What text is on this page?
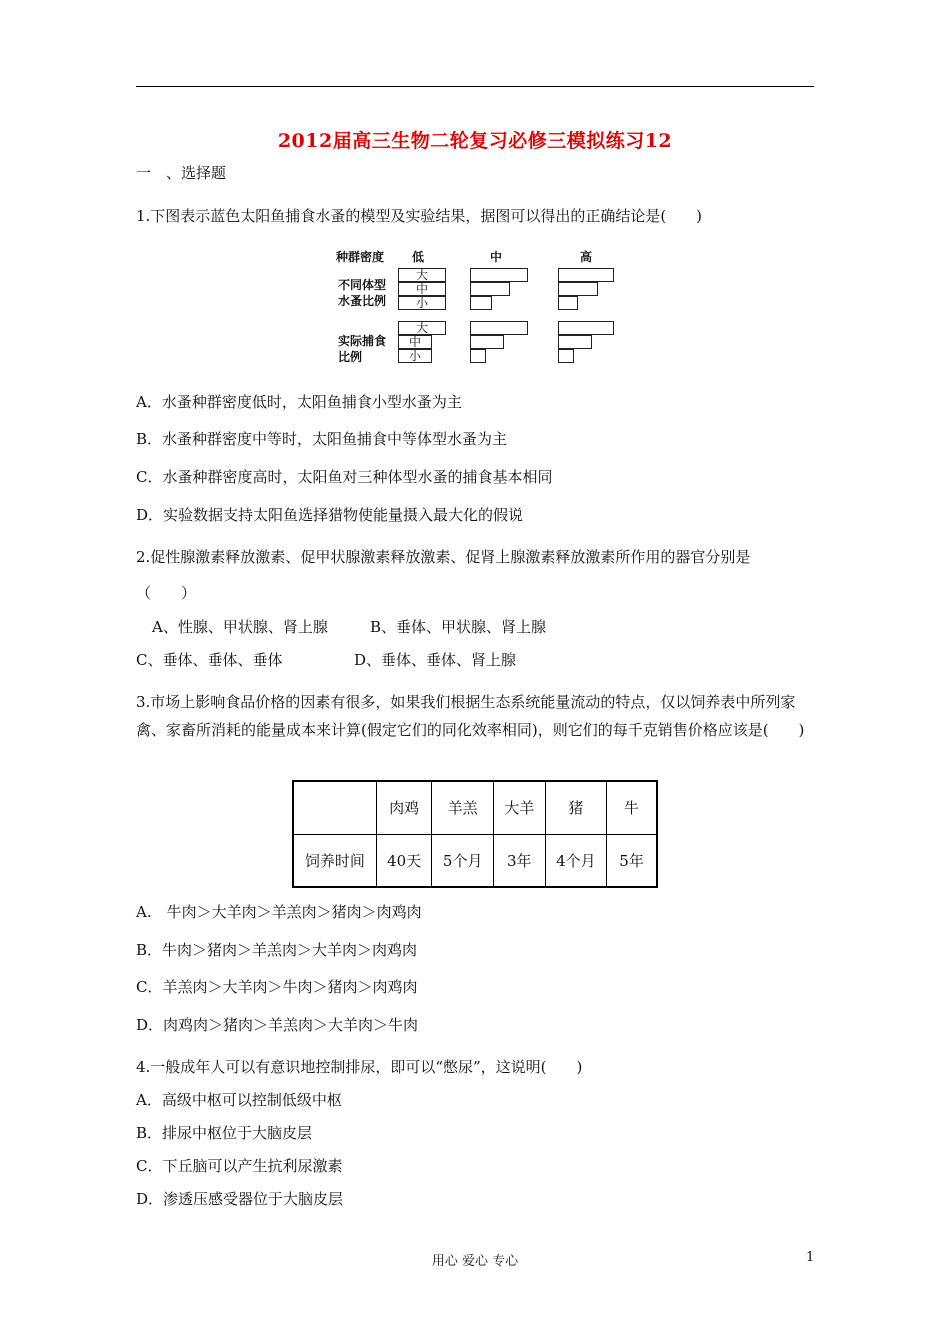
2012届高三生物二轮复习必修三模拟练习12
一　、选择题
1.下图表示蓝色太阳鱼捕食水蚤的模型及实验结果，据图可以得出的正确结论是(　　)
种群密度 低	中	高
不同体型
水蚤比例
实际捕食
比例
大
中
小
大
中
小
A．水蚤种群密度低时，太阳鱼捕食小型水蚤为主
B．水蚤种群密度中等时，太阳鱼捕食中等体型水蚤为主
C．水蚤种群密度高时，太阳鱼对三种体型水蚤的捕食基本相同
D．实验数据支持太阳鱼选择猎物使能量摄入最大化的假说
2.促性腺激素释放激素、促甲状腺激素释放激素、促肾上腺激素释放激素所作用的器官分别是
（　　）
A、性腺、甲状腺、肾上腺	B、垂体、甲状腺、肾上腺
C、垂体、垂体、垂体	D、垂体、垂体、肾上腺
3.市场上影响食品价格的因素有很多，如果我们根据生态系统能量流动的特点，仅以饲养表中所列家禽、家畜所消耗的能量成本来计算(假定它们的同化效率相同)，则它们的每千克销售价格应该是(　　)
	肉鸡	羊羔	大羊	猪	牛
饲养时间	40天	5个月	3年	4个月	5年
A.　牛肉＞大羊肉＞羊羔肉＞猪肉＞肉鸡肉
B．牛肉＞猪肉＞羊羔肉＞大羊肉＞肉鸡肉
C．羊羔肉＞大羊肉＞牛肉＞猪肉＞肉鸡肉
D．肉鸡肉＞猪肉＞羊羔肉＞大羊肉＞牛肉
4.一般成年人可以有意识地控制排尿，即可以“憋尿”，这说明(　　)
A．高级中枢可以控制低级中枢
B．排尿中枢位于大脑皮层
C．下丘脑可以产生抗利尿激素
D．渗透压感受器位于大脑皮层
用心 爱心 专心	1
